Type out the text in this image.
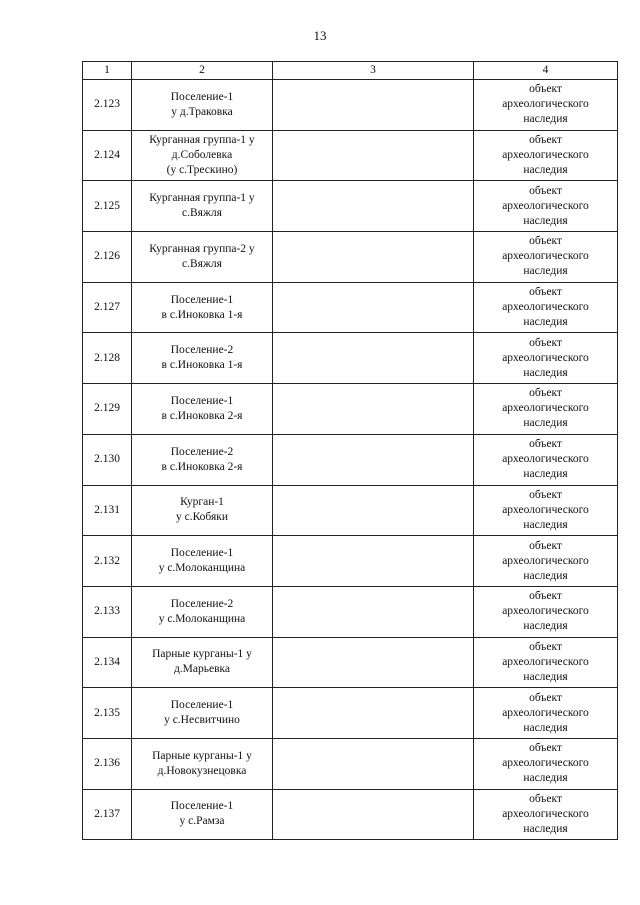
13
1	2	3	4
2.123	Поселение-1
у д.Траковка		объект
археологического
наследия
2.124	Курганная группа-1 у
д.Соболевка
(у с.Трескино)		объект
археологического
наследия
2.125	Курганная группа-1 у
с.Вяжля		объект
археологического
наследия
2.126	Курганная группа-2 у
с.Вяжля		объект
археологического
наследия
2.127	Поселение-1
в с.Иноковка 1-я		объект
археологического
наследия
2.128	Поселение-2
в с.Иноковка 1-я		объект
археологического
наследия
2.129	Поселение-1
в с.Иноковка 2-я		объект
археологического
наследия
2.130	Поселение-2
в с.Иноковка 2-я		объект
археологического
наследия
2.131	Курган-1
у с.Кобяки		объект
археологического
наследия
2.132	Поселение-1
у с.Молоканщина		объект
археологического
наследия
2.133	Поселение-2
у с.Молоканщина		объект
археологического
наследия
2.134	Парные курганы-1 у
д.Марьевка		объект
археологического
наследия
2.135	Поселение-1
у с.Несвитчино		объект
археологического
наследия
2.136	Парные курганы-1 у
д.Новокузнецовка		объект
археологического
наследия
2.137	Поселение-1
у с.Рамза		объект
археологического
наследия
